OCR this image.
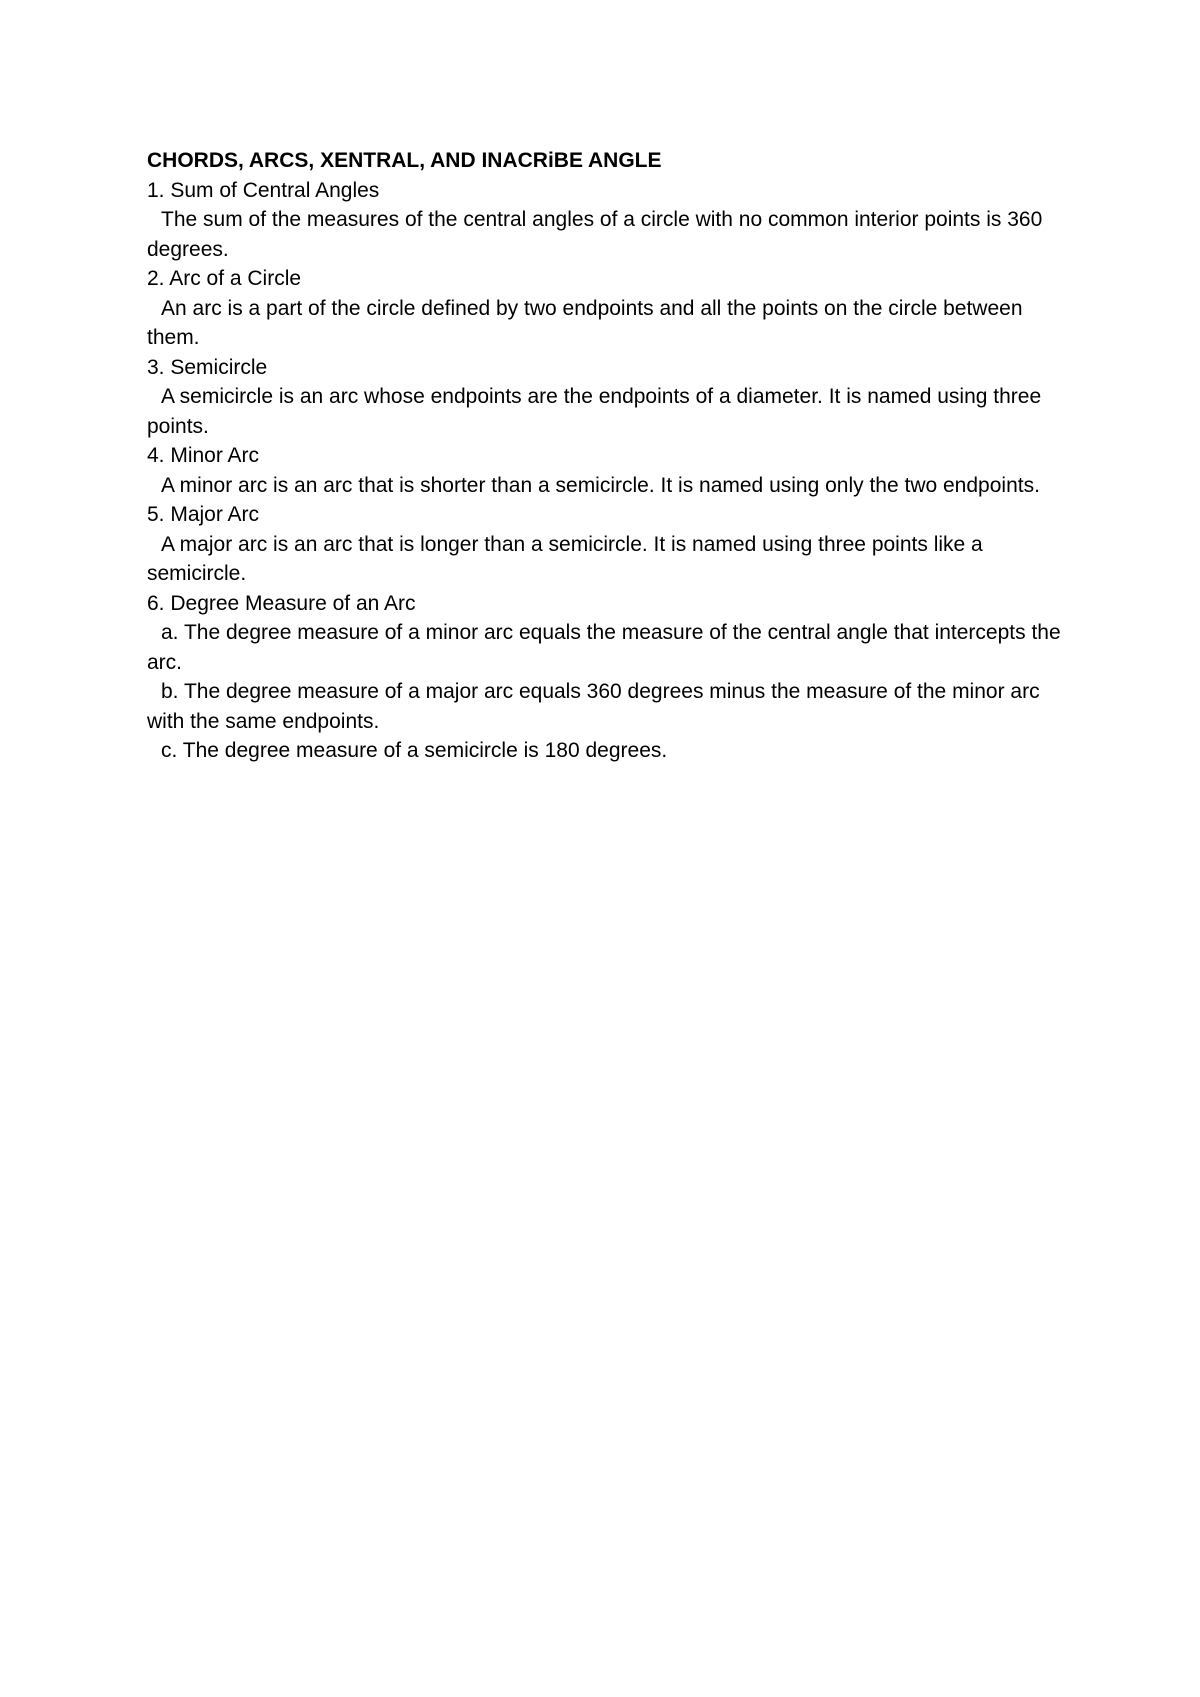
CHORDS, ARCS, XENTRAL, AND INACRiBE ANGLE

1. Sum of Central Angles

The sum of the measures of the central angles of a circle with no common interior points is 360 degrees.

2. Arc of a Circle

An arc is a part of the circle defined by two endpoints and all the points on the circle between them.

3. Semicircle

A semicircle is an arc whose endpoints are the endpoints of a diameter. It is named using three points.

4. Minor Arc

A minor arc is an arc that is shorter than a semicircle. It is named using only the two endpoints.

5. Major Arc

A major arc is an arc that is longer than a semicircle. It is named using three points like a semicircle.

6. Degree Measure of an Arc

a. The degree measure of a minor arc equals the measure of the central angle that intercepts the arc.

b. The degree measure of a major arc equals 360 degrees minus the measure of the minor arc with the same endpoints.

c. The degree measure of a semicircle is 180 degrees.
